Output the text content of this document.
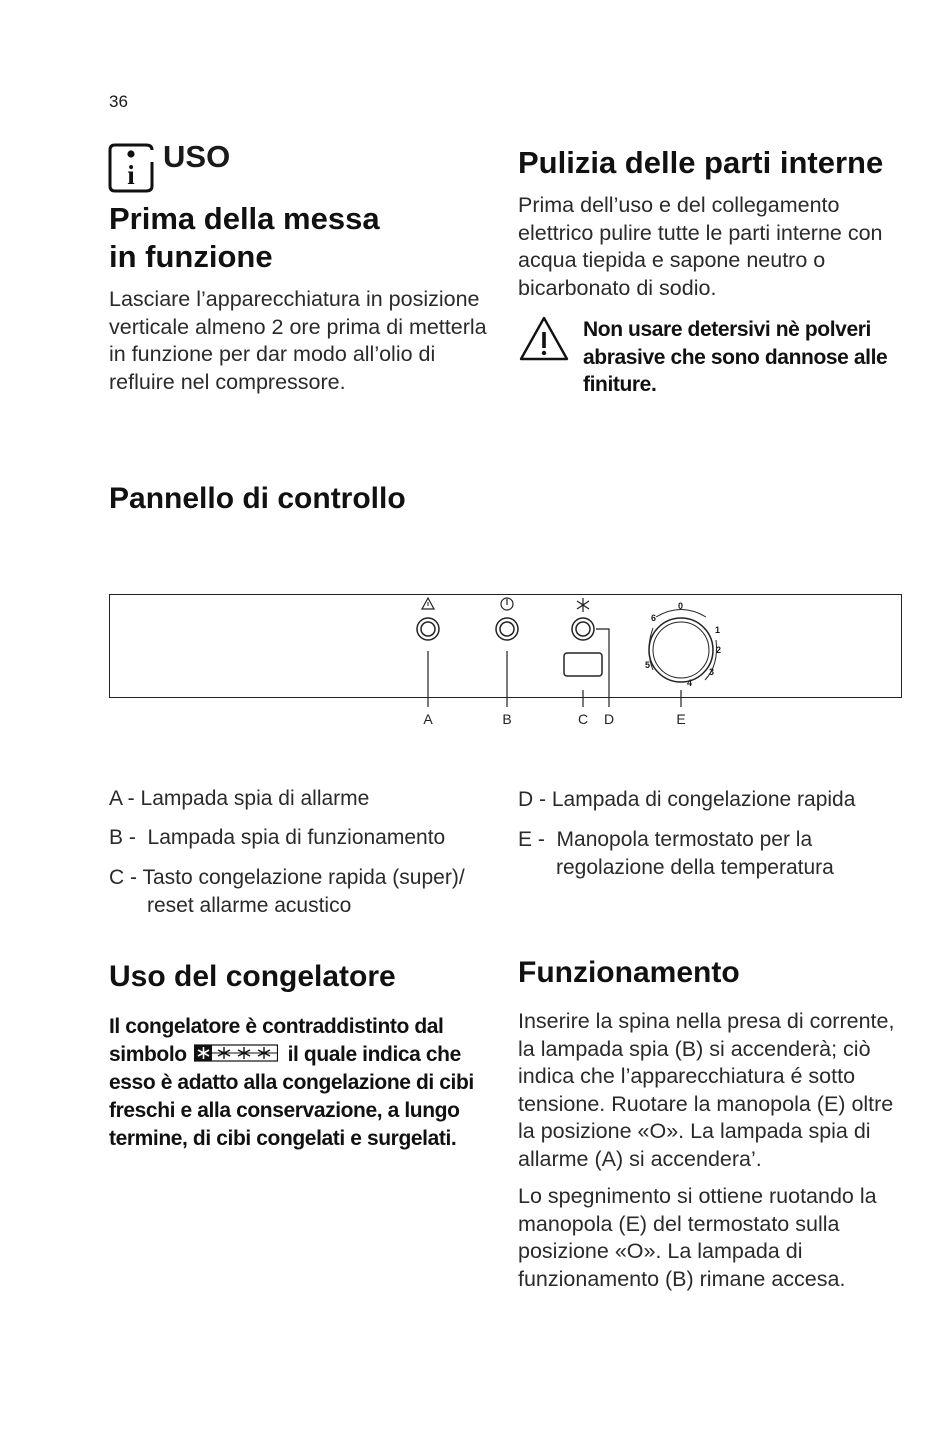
36
i
USO
Prima della messa
in funzione

Lasciare l’apparecchiatura in posizione verticale almeno 2 ore prima di metterla in funzione per dar modo all’olio di refluire nel compressore.

Pulizia delle parti interne

Prima dell’uso e del collegamento elettrico pulire tutte le parti interne con acqua tiepida e sapone neutro o bicarbonato di sodio.

Non usare detersivi nè polveri abrasive che sono dannose alle finiture.

Pannello di controllo
0
1
2
3
4
5
6
A	B	C	D	E
A - Lampada spia di allarme
B - Lampada spia di funzionamento
C - Tasto congelazione rapida (super)/
reset allarme acustico
D - Lampada di congelazione rapida
E - Manopola termostato per la
regolazione della temperatura
Uso del congelatore

Il congelatore è contraddistinto dal simbolo	il quale indica che esso è adatto alla congelazione di cibi freschi e alla conservazione, a lungo termine, di cibi congelati e surgelati.

Funzionamento

Inserire la spina nella presa di corrente, la lampada spia (B) si accenderà; ciò indica che l’apparecchiatura é sotto tensione. Ruotare la manopola (E) oltre la posizione «O». La lampada spia di allarme (A) si accendera’.

Lo spegnimento si ottiene ruotando la manopola (E) del termostato sulla posizione «O». La lampada di funzionamento (B) rimane accesa.
